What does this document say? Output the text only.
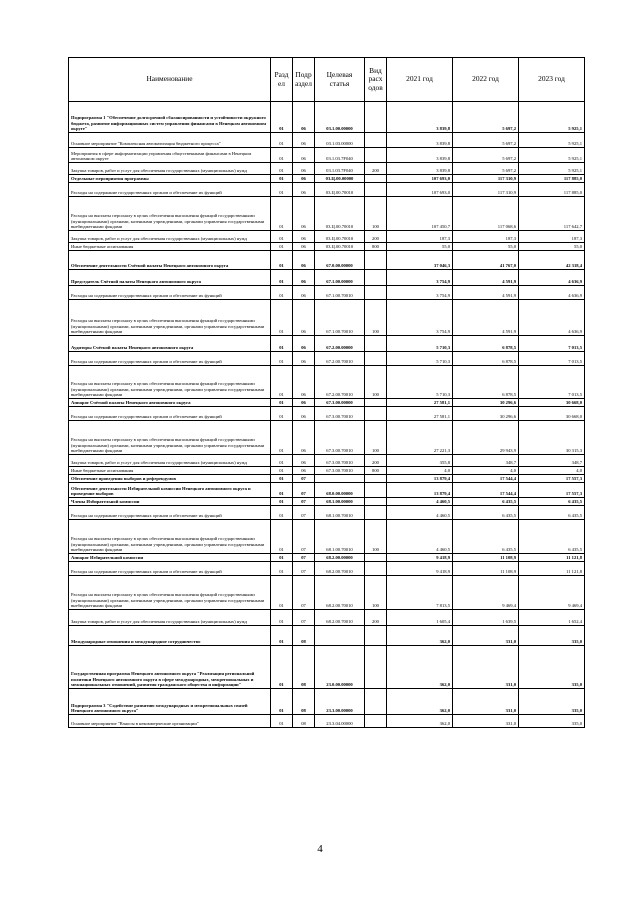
Наименование	Разд ел	Подр аздел	Целевая статья	Вид расх одов	2021 год	2022 год	2023 год
Подпрограмма 1 "Обеспечение долгосрочной сбалансированности и устойчивости окружного бюджета, развитие информационных систем управления финансами в Ненецком автономном округе"	01	06	03.1.00.00000		3 839,8	5 697,2	5 925,1
Основное мероприятие "Комплексная автоматизация бюджетного процесса"	01	06	03.1.03.00000		3 839,8	5 697,2	5 925,1
Мероприятия в сфере информатизации управления общественными финансами в Ненецком автономном округе	01	06	03.1.03.7F040		3 839,8	5 697,2	5 925,1
Закупка товаров, работ и услуг для обеспечения государственных (муниципальных) нужд	01	06	03.1.03.7F040	200	3 839,8	5 697,2	5 925,1
Отдельные мероприятия программы	01	06	03.Ц.00.00000		107 693,0	117 310,9	117 885,0
Расходы на содержание государственных органов и обеспечение их функций	01	06	03.Ц.00.70010		107 693,0	117 310,9	117 885,0
Расходы на выплаты персоналу в целях обеспечения выполнения функций государственными (муниципальными) органами, казенными учреждениями, органами управления государственными внебюджетными фондами	01	06	03.Ц.00.70010	100	107 450,7	117 068,6	117 642,7
Закупка товаров, работ и услуг для обеспечения государственных (муниципальных) нужд	01	06	03.Ц.00.70010	200	187,3	187,3	187,3
Иные бюджетные ассигнования	01	06	03.Ц.00.70010	800	55,0	55,0	55,0
Обеспечение деятельности Счётной палаты Ненецкого автономного округа	01	06	67.0.00.00000		37 046,3	41 767,0	42 318,4
Председатель Счётной палаты Ненецкого автономного округа	01	06	67.1.00.00000		3 754,9	4 591,9	4 636,9
Расходы на содержание государственных органов и обеспечение их функций	01	06	67.1.00.70010		3 754,9	4 591,9	4 636,9
Расходы на выплаты персоналу в целях обеспечения выполнения функций государственными (муниципальными) органами, казенными учреждениями, органами управления государственными внебюджетными фондами	01	06	67.1.00.70010	100	3 754,9	4 591,9	4 636,9
Аудиторы Счётной палаты Ненецкого автономного округа	01	06	67.2.00.00000		5 710,3	6 878,5	7 013,5
Расходы на содержание государственных органов и обеспечение их функций	01	06	67.2.00.70010		5 710,3	6 878,5	7 013,5
Расходы на выплаты персоналу в целях обеспечения выполнения функций государственными (муниципальными) органами, казенными учреждениями, органами управления государственными внебюджетными фондами	01	06	67.2.00.70010	100	5 710,3	6 878,5	7 013,5
Аппарат Счётной палаты Ненецкого автономного округа	01	06	67.3.00.00000		27 581,1	30 296,6	30 668,0
Расходы на содержание государственных органов и обеспечение их функций	01	06	67.3.00.70010		27 581,1	30 296,6	30 668,0
Расходы на выплаты персоналу в целях обеспечения выполнения функций государственными (муниципальными) органами, казенными учреждениями, органами управления государственными внебюджетными фондами	01	06	67.3.00.70010	100	27 221,3	29 943,9	30 315,3
Закупка товаров, работ и услуг для обеспечения государственных (муниципальных) нужд	01	06	67.3.00.70010	200	355,8	348,7	348,7
Иные бюджетные ассигнования	01	06	67.3.00.70010	800	4,0	4,0	4,0
Обеспечение проведения выборов и референдумов	01	07			13 879,4	17 544,4	17 557,3
Обеспечение деятельности Избирательной комиссии Ненецкого автономного округа и проведение выборов	01	07	68.0.00.00000		13 879,4	17 544,4	17 557,3
Члены Избирательной комиссии	01	07	68.1.00.00000		4 460,5	6 435,5	6 435,5
Расходы на содержание государственных органов и обеспечение их функций	01	07	68.1.00.70010		4 460,5	6 435,5	6 435,5
Расходы на выплаты персоналу в целях обеспечения выполнения функций государственными (муниципальными) органами, казенными учреждениями, органами управления государственными внебюджетными фондами	01	07	68.1.00.70010	100	4 460,5	6 435,5	6 435,5
Аппарат Избирательной комиссии	01	07	68.2.00.00000		9 418,9	11 108,9	11 121,8
Расходы на содержание государственных органов и обеспечение их функций	01	07	68.2.00.70010		9 418,9	11 108,9	11 121,8
Расходы на выплаты персоналу в целях обеспечения выполнения функций государственными (муниципальными) органами, казенными учреждениями, органами управления государственными внебюджетными фондами	01	07	68.2.00.70010	100	7 813,5	9 469,4	9 469,4
Закупка товаров, работ и услуг для обеспечения государственных (муниципальных) нужд	01	07	68.2.00.70010	200	1 605,4	1 639,5	1 652,4
Международные отношения и международное сотрудничество	01	08			362,0	331,0	335,0
Государственная программа Ненецкого автономного округа "Реализация региональной политики Ненецкого автономного округа в сфере международных, межрегиональных и межнациональных отношений, развития гражданского общества и информации"	01	08	23.0.00.00000		362,0	331,0	335,0
Подпрограмма 3 "Содействие развитию международных и межрегиональных связей Ненецкого автономного округа"	01	08	23.3.00.00000		362,0	331,0	335,0
Основное мероприятие "Взносы в некоммерческие организации"	01	08	23.3.04.00000		362,0	331,0	335,0
4
